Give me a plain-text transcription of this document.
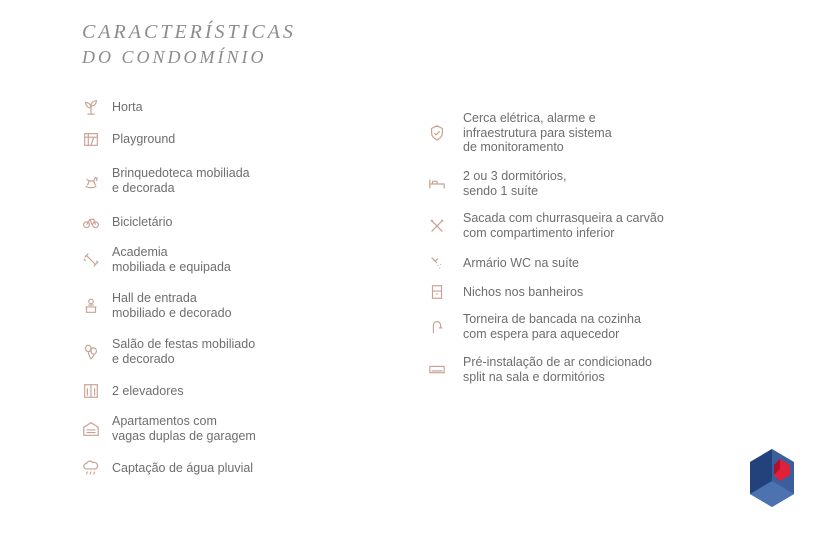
CARACTERÍSTICAS
DO CONDOMÍNIO
Horta
Playground
Brinquedoteca mobiliada
e decorada
Bicicletário
Academia
mobiliada e equipada
Hall de entrada
mobiliado e decorado
Salão de festas mobiliado
e decorado
2 elevadores
Apartamentos com
vagas duplas de garagem
Captação de água pluvial
Cerca elétrica, alarme e
infraestrutura para sistema
de monitoramento
2 ou 3 dormitórios,
sendo 1 suíte
Sacada com churrasqueira a carvão
com compartimento inferior
Armário WC na suíte
Nichos nos banheiros
Torneira de bancada na cozinha
com espera para aquecedor
Pré-instalação de ar condicionado
split na sala e dormitórios
